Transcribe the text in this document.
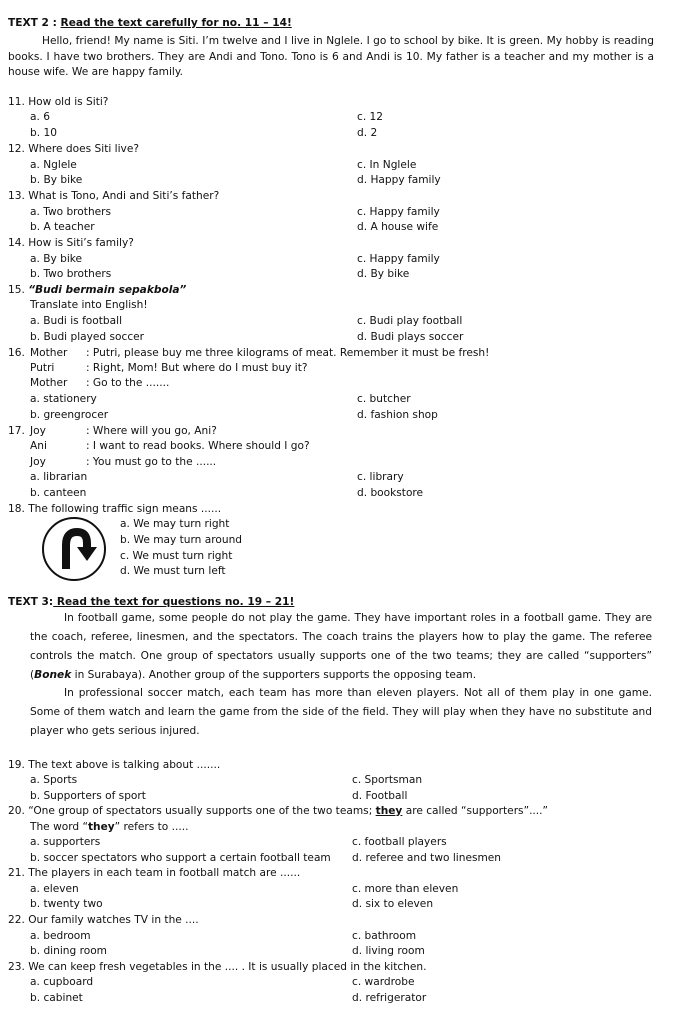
TEXT 2 : Read the text carefully for no. 11 – 14!
Hello, friend! My name is Siti. I’m twelve and I live in Nglele. I go to school by bike. It is green. My hobby is reading books. I have two brothers. They are Andi and Tono. Tono is 6 and Andi is 10. My father is a teacher and my mother is a house wife. We are happy family.
11. How old is Siti?
a. 6	c. 12
b. 10	d. 2
12. Where does Siti live?
a. Nglele	c. In Nglele
b. By bike	d. Happy family
13. What is Tono, Andi and Siti’s father?
a. Two brothers	c. Happy family
b. A teacher	d. A house wife
14. How is Siti’s family?
a. By bike	c. Happy family
b. Two brothers	d. By bike
15. “Budi bermain sepakbola”
Translate into English!
a. Budi is football	c. Budi play football
b. Budi played soccer	d. Budi plays soccer
16. Mother : Putri, please buy me three kilograms of meat. Remember it must be fresh!
Putri	: Right, Mom! But where do I must buy it?
Mother : Go to the .......
a. stationery	c. butcher
b. greengrocer	d. fashion shop
17. Joy	: Where will you go, Ani?
Ani	: I want to read books. Where should I go?
Joy	: You must go to the ......
a. librarian	c. library
b. canteen	d. bookstore
18. The following traffic sign means ......
a. We may turn right
b. We may turn around
c. We must turn right
d. We must turn left
TEXT 3: Read the text for questions no. 19 – 21!
In football game, some people do not play the game. They have important roles in a football game. They are the coach, referee, linesmen, and the spectators. The coach trains the players how to play the game. The referee controls the match. One group of spectators usually supports one of the two teams; they are called “supporters” (Bonek in Surabaya). Another group of the supporters supports the opposing team.
In professional soccer match, each team has more than eleven players. Not all of them play in one game. Some of them watch and learn the game from the side of the field. They will play when they have no substitute and player who gets serious injured.
19. The text above is talking about .......
a. Sports	c. Sportsman
b. Supporters of sport	d. Football
20. “One group of spectators usually supports one of the two teams; they are called “supporters”....”
The word “they” refers to .....
a. supporters	c. football players
b. soccer spectators who support a certain football team d. referee and two linesmen
21. The players in each team in football match are ......
a. eleven	c. more than eleven
b. twenty two	d. six to eleven
22. Our family watches TV in the ....
a. bedroom	c. bathroom
b. dining room	d. living room
23. We can keep fresh vegetables in the .... . It is usually placed in the kitchen.
a. cupboard	c. wardrobe
b. cabinet	d. refrigerator
